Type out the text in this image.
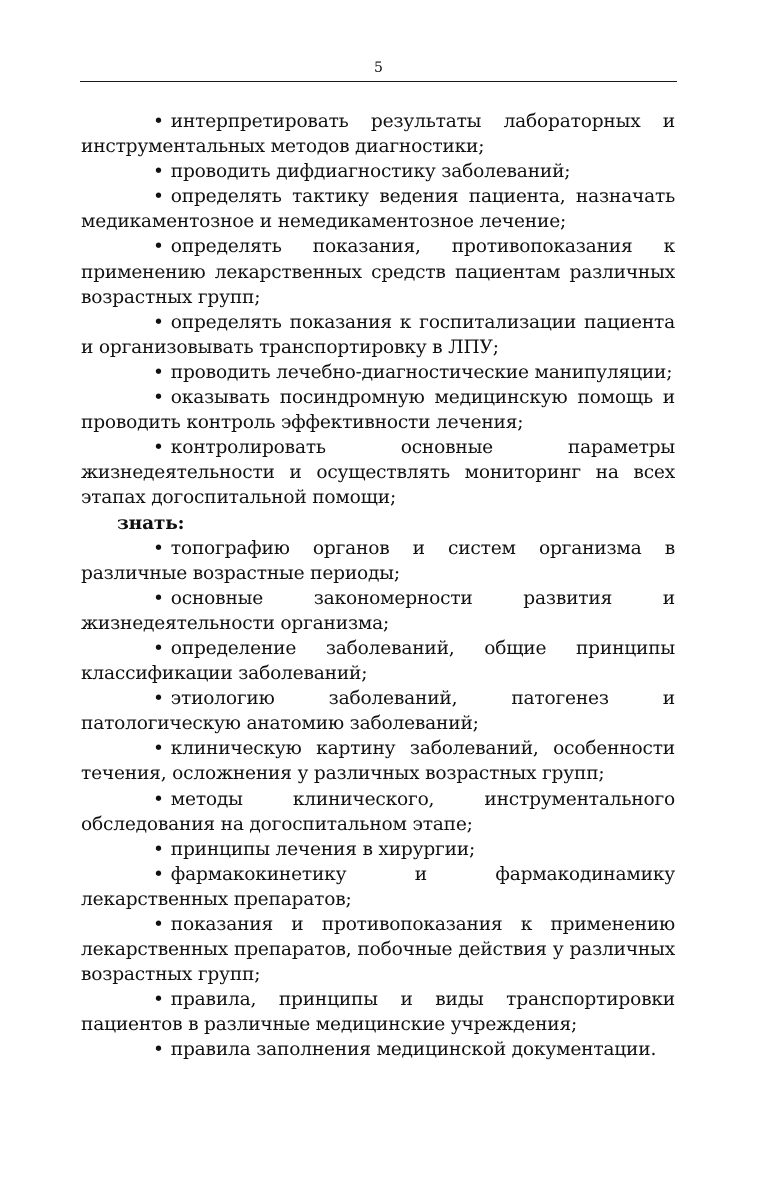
5

• интерпретировать результаты лабораторных и инструментальных методов диагностики;

• проводить дифдиагностику заболеваний;

• определять тактику ведения пациента, назначать медикаментозное и немедикаментозное лечение;

• определять показания, противопоказания к применению лекарственных средств пациентам различных возрастных групп;

• определять показания к госпитализации пациента и организовывать транспортировку в ЛПУ;

• проводить лечебно-диагностические манипуляции;

• оказывать посиндромную медицинскую помощь и проводить контроль эффективности лечения;

• контролировать основные параметры жизнедеятельности и осуществлять мониторинг на всех этапах догоспитальной помощи;

знать:

• топографию органов и систем организма в различные возрастные периоды;

• основные закономерности развития и жизнедеятельности организма;

• определение заболеваний, общие принципы классификации заболеваний;

• этиологию заболеваний, патогенез и патологическую анатомию заболеваний;

• клиническую картину заболеваний, особенности течения, осложнения у различных возрастных групп;

• методы клинического, инструментального обследования на догоспитальном этапе;

• принципы лечения в хирургии;

• фармакокинетику и фармакодинамику лекарственных препаратов;

• показания и противопоказания к применению лекарственных препаратов, побочные действия у различных возрастных групп;

• правила, принципы и виды транспортировки пациентов в различные медицинские учреждения;

• правила заполнения медицинской документации.
